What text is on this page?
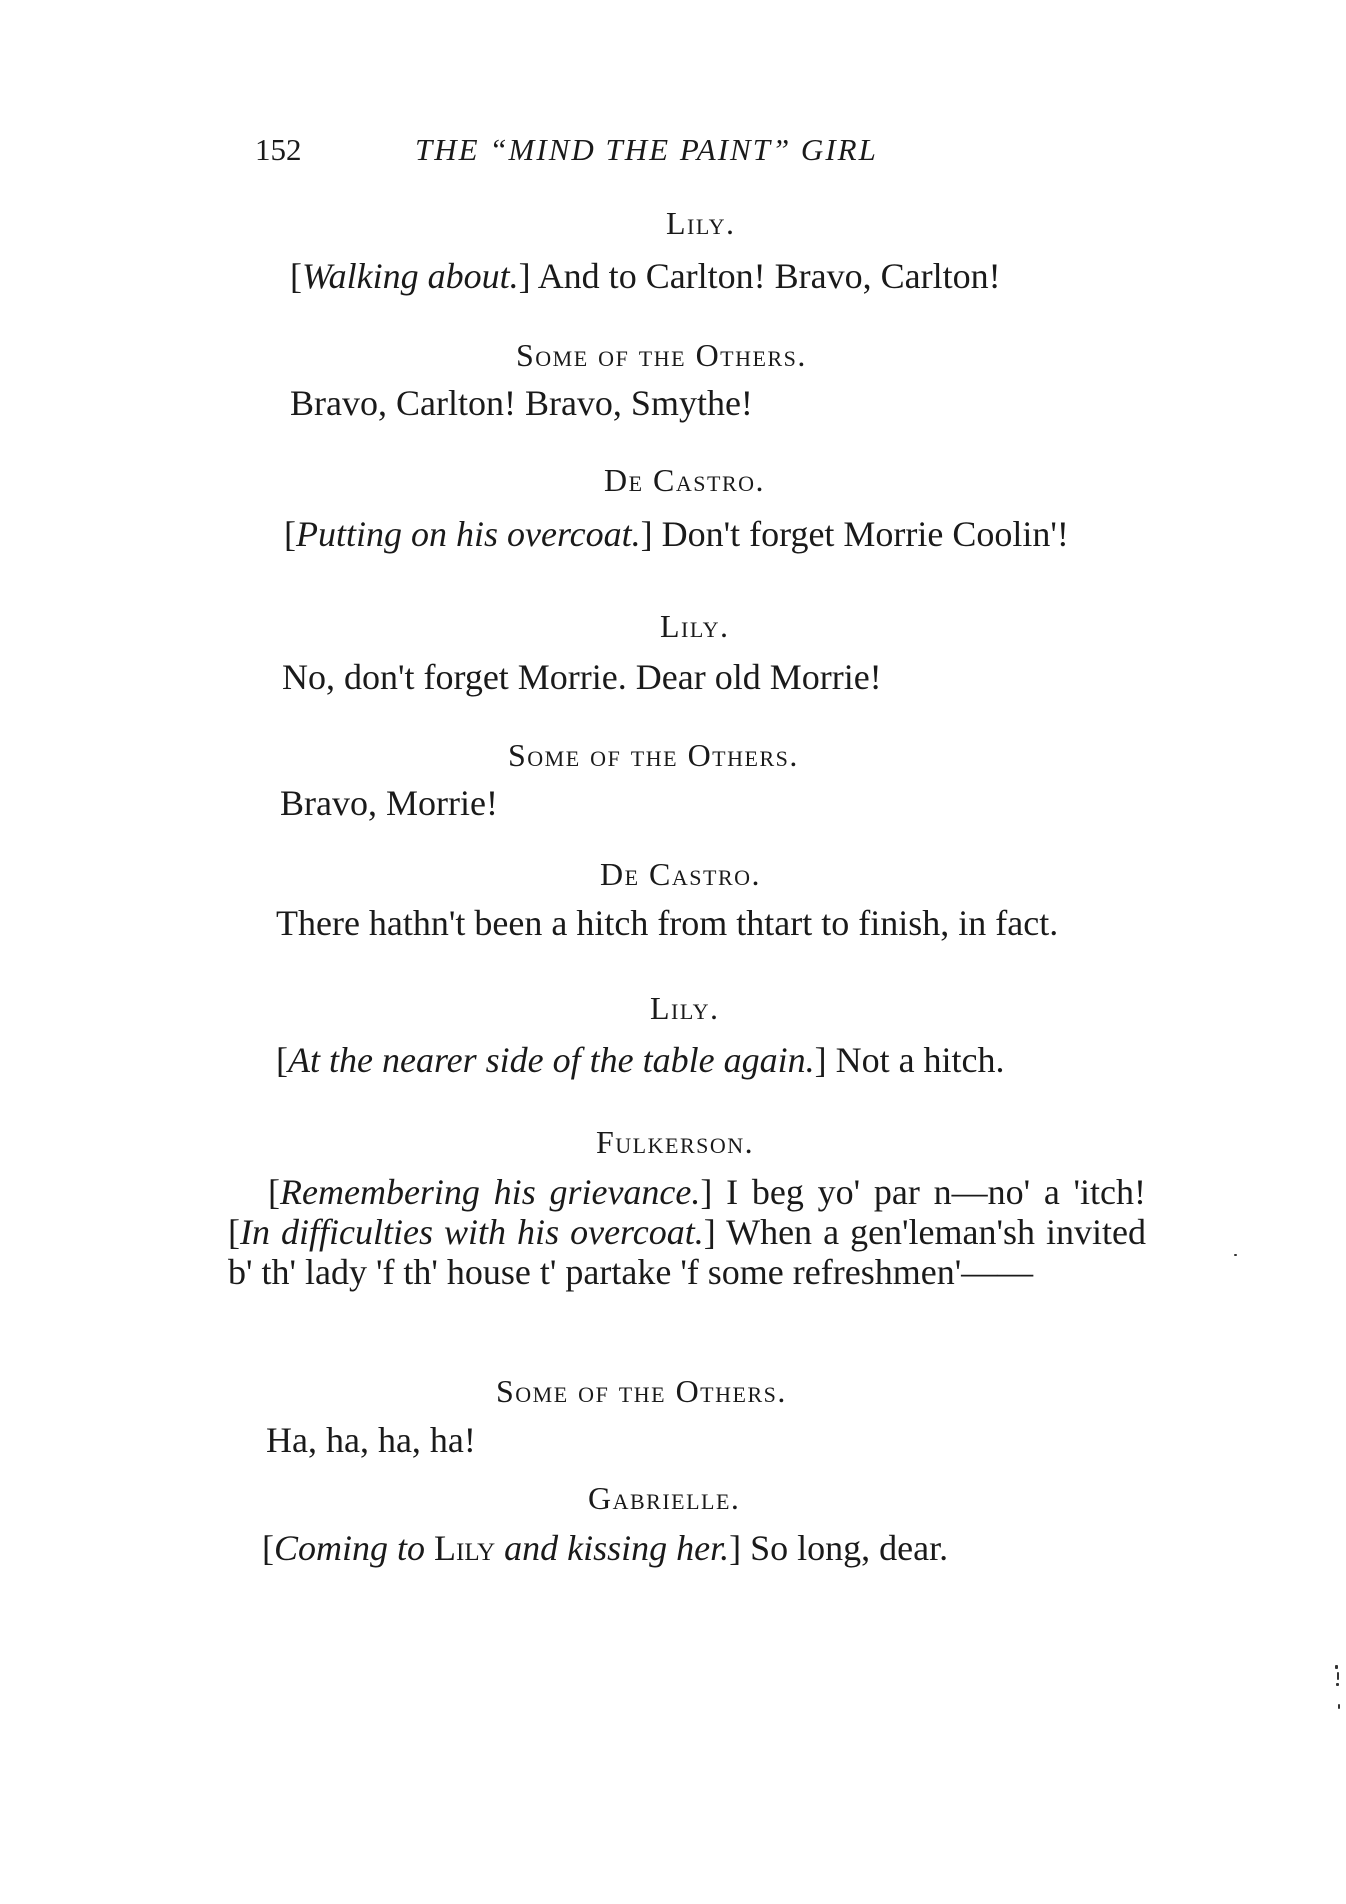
152	THE “MIND THE PAINT” GIRL
Lily.
[Walking about.] And to Carlton! Bravo, Carlton!
Some of the Others.
Bravo, Carlton! Bravo, Smythe!
De Castro.
[Putting on his overcoat.] Don't forget Morrie Coolin'!
Lily.
No, don't forget Morrie. Dear old Morrie!
Some of the Others.
Bravo, Morrie!
De Castro.
There hathn't been a hitch from thtart to finish, in fact.
Lily.
[At the nearer side of the table again.] Not a hitch.
Fulkerson.
[Remembering his grievance.] I beg yo' par n—no' a 'itch! [In difficulties with his overcoat.] When a gen'leman'sh invited b' th' lady 'f th' house t' partake 'f some refreshmen'——
Some of the Others.
Ha, ha, ha, ha!
Gabrielle.
[Coming to Lily and kissing her.] So long, dear.
